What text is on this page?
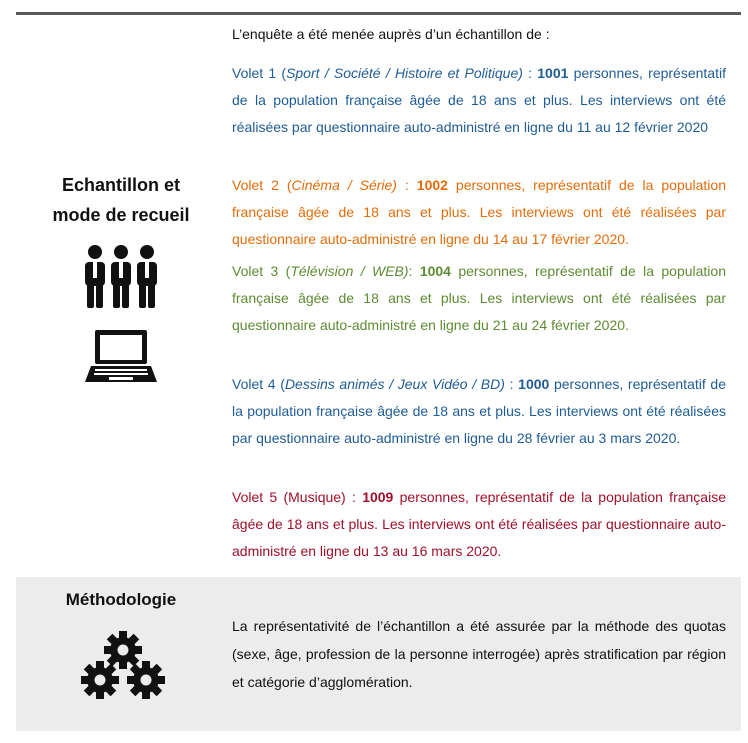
Echantillon et
mode de recueil
L’enquête a été menée auprès d’un échantillon de :
Volet 1 (Sport / Société / Histoire et Politique) : 1001 personnes, représentatif de la population française âgée de 18 ans et plus. Les interviews ont été réalisées par questionnaire auto-administré en ligne du 11 au 12 février 2020
Volet 2 (Cinéma / Série) : 1002 personnes, représentatif de la population française âgée de 18 ans et plus. Les interviews ont été réalisées par questionnaire auto-administré en ligne du 14 au 17 février 2020.
Volet 3 (Télévision / WEB): 1004 personnes, représentatif de la population française âgée de 18 ans et plus. Les interviews ont été réalisées par questionnaire auto-administré en ligne du 21 au 24 février 2020.
Volet 4 (Dessins animés / Jeux Vidéo / BD) : 1000 personnes, représentatif de la population française âgée de 18 ans et plus. Les interviews ont été réalisées par questionnaire auto-administré en ligne du 28 février au 3 mars 2020.
Volet 5 (Musique) : 1009 personnes, représentatif de la population française âgée de 18 ans et plus. Les interviews ont été réalisées par questionnaire auto-administré en ligne du 13 au 16 mars 2020.
Méthodologie
La représentativité de l’échantillon a été assurée par la méthode des quotas (sexe, âge, profession de la personne interrogée) après stratification par région et catégorie d’agglomération.
